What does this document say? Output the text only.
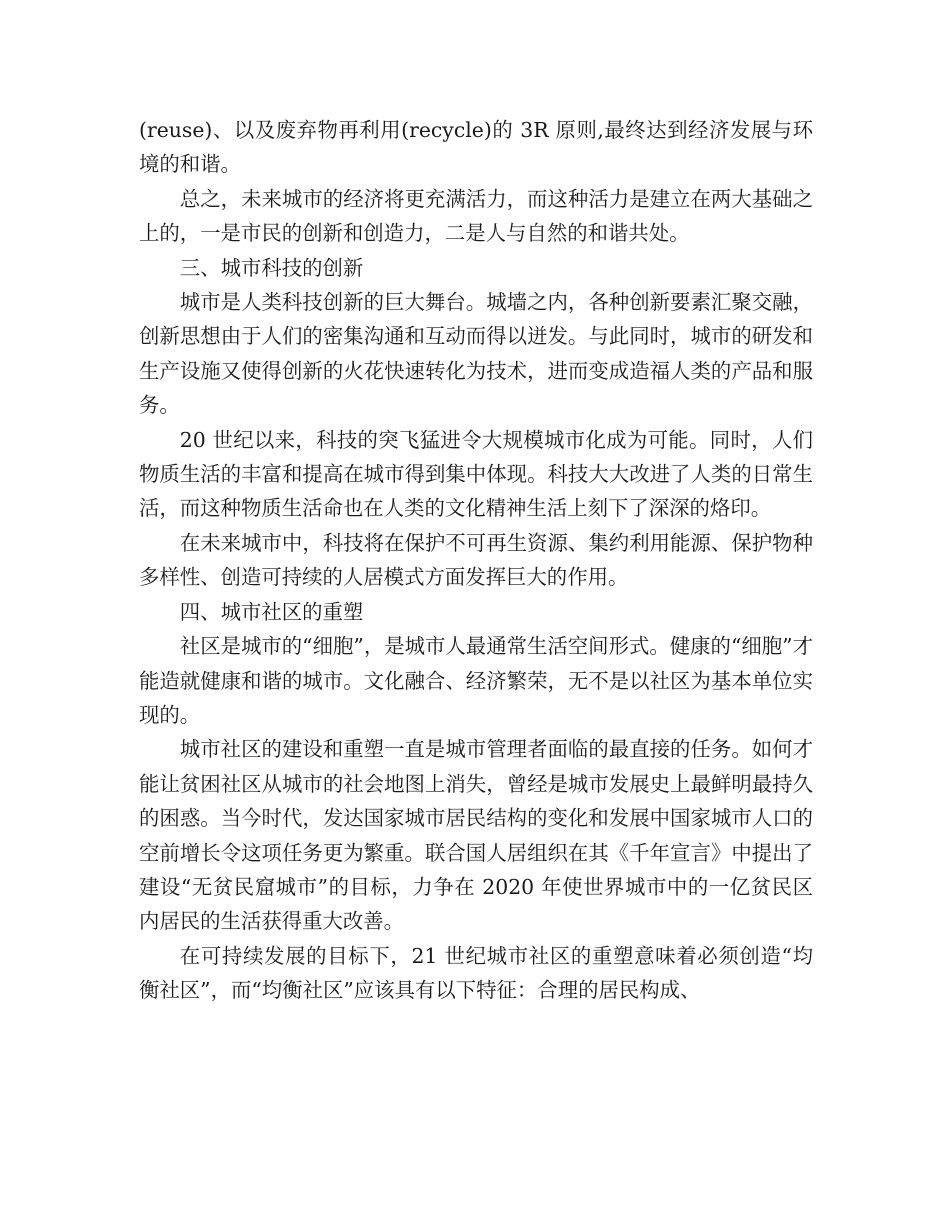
(reuse)、以及废弃物再利用(recycle)的 3R 原则,最终达到经济发展与环境的和谐。

总之，未来城市的经济将更充满活力，而这种活力是建立在两大基础之上的，一是市民的创新和创造力，二是人与自然的和谐共处。

三、城市科技的创新

城市是人类科技创新的巨大舞台。城墙之内，各种创新要素汇聚交融，创新思想由于人们的密集沟通和互动而得以迸发。与此同时，城市的研发和生产设施又使得创新的火花快速转化为技术，进而变成造福人类的产品和服务。

20 世纪以来，科技的突飞猛进令大规模城市化成为可能。同时，人们物质生活的丰富和提高在城市得到集中体现。科技大大改进了人类的日常生活，而这种物质生活命也在人类的文化精神生活上刻下了深深的烙印。

在未来城市中，科技将在保护不可再生资源、集约利用能源、保护物种多样性、创造可持续的人居模式方面发挥巨大的作用。

四、城市社区的重塑

社区是城市的“细胞”，是城市人最通常生活空间形式。健康的“细胞”才能造就健康和谐的城市。文化融合、经济繁荣，无不是以社区为基本单位实现的。

城市社区的建设和重塑一直是城市管理者面临的最直接的任务。如何才能让贫困社区从城市的社会地图上消失，曾经是城市发展史上最鲜明最持久的困惑。当今时代，发达国家城市居民结构的变化和发展中国家城市人口的空前增长令这项任务更为繁重。联合国人居组织在其《千年宣言》中提出了建设“无贫民窟城市”的目标，力争在 2020 年使世界城市中的一亿贫民区内居民的生活获得重大改善。

在可持续发展的目标下，21 世纪城市社区的重塑意味着必须创造“均衡社区”，而“均衡社区”应该具有以下特征：合理的居民构成、
